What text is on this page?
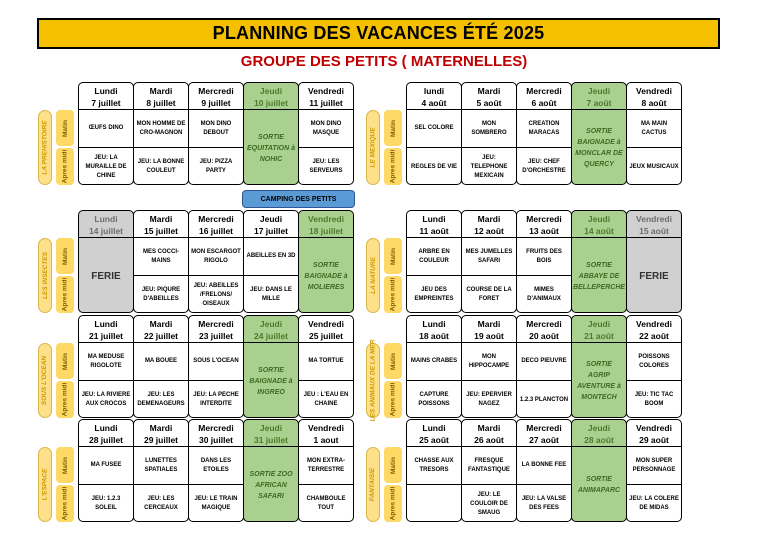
PLANNING DES VACANCES ÉTÉ 2025
GROUPE DES PETITS ( MATERNELLES)
CAMPING DES PETITS
LA PREHISTOIRE Matin
Apres midi
Lundi
7 juillet
ŒUFS DINO
JEU: LA MURAILLE DE CHINE
Mardi
8 juillet
MON HOMME DE CRO-MAGNON
JEU: LA BONNE COULEUT
Mercredi
9 juillet
MON DINO DEBOUT
JEU: PIZZA PARTY
Jeudi
10 juillet
SORTIE EQUITATION à NOHIC
Vendredi
11 juillet
MON DINO MASQUE
JEU: LES SERVEURS
LE MEXIQUE Matin
Apres midi
lundi
4 août
SEL COLORE
REGLES DE VIE
Mardi
5 août
MON SOMBRERO
JEU: TELEPHONE MEXICAIN
Mercredi
6 août
CREATION MARACAS
JEU: CHEF D'ORCHESTRE
Jeudi
7 août
SORTIE BAIGNADE à MONCLAR DE QUERCY
Vendredi
8 août
MA MAIN CACTUS
JEUX MUSICAUX
LES INSECTES Matin
Apres midi
Lundi
14 juillet
FERIE
Mardi
15 juillet
MES COCCI-MAINS
JEU: PIQURE D'ABEILLES
Mercredi
16 juillet
MON ESCARGOT RIGOLO
JEU: ABEILLES /FRELONS/ OISEAUX
Jeudi
17 juillet
ABEILLES EN 3D
JEU: DANS LE MILLE
Vendredi
18 juillet
SORTIE BAIGNADE à MOLIERES	LA NATURE
Matin
Apres midi
Lundi
11 août
ARBRE EN COULEUR
JEU DES EMPREINTES
Mardi
12 août
MES JUMELLES SAFARI
COURSE DE LA FORET
Mercredi
13 août
FRUITS DES BOIS
MIMES D'ANIMAUX
Jeudi
14 août
SORTIE ABBAYE DE BELLEPERCHE
Vendredi
15 août
FERIE
SOUS L'OCEAN Matin
Apres midi
Lundi
21 juillet
MA MEDUSE RIGOLOTE
JEU: LA RIVIERE AUX CROCOS
Mardi
22 juillet
MA BOUEE
JEU: LES DEMENAGEURS
Mercredi
23 juillet
SOUS L'OCEAN
JEU: LA PECHE INTERDITE
Jeudi
24 juillet
SORTIE BAIGNADE à INGREO
Vendredi
25 juillet
MA TORTUE
JEU : L'EAU EN CHAINE	LES ANIMAUX DE LA MER Matin
Apres midi
Lundi
18 août
MAINS CRABES
CAPTURE POISSONS
Mardi
19 août
MON HIPPOCAMPE
JEU: EPERVIER NAGEZ
Mercredi
20 août
DECO PIEUVRE
1.2.3 PLANCTON
Jeudi
21 août
SORTIE AGRIP AVENTURE à MONTECH
Vendredi
22 août
POISSONS COLORES
JEU: TIC TAC BOOM
L'ESPACE
Matin
Apres midi
Lundi
28 juillet
MA FUSEE
JEU: 1.2.3 SOLEIL
Mardi
29 juillet
LUNETTES SPATIALES
JEU: LES CERCEAUX
Mercredi
30 juillet
DANS LES ETOILES
JEU: LE TRAIN MAGIQUE
Jeudi
31 juillet
SORTIE ZOO AFRICAN SAFARI
Vendredi
1 aout
MON EXTRA-TERRESTRE
CHAMBOULE TOUT
FANTAISIE
Matin
Apres midi
Lundi
25 août
CHASSE AUX TRESORS
Mardi
26 août
FRESQUE FANTASTIQUE
JEU: LE COULOIR DE SMAUG
Mercredi
27 août
LA BONNE FEE
JEU: LA VALSE DES FEES
Jeudi
28 août
SORTIE ANIMAPARC
Vendredi
29 août
MON SUPER PERSONNAGE
JEU: LA COLERE DE MIDAS
